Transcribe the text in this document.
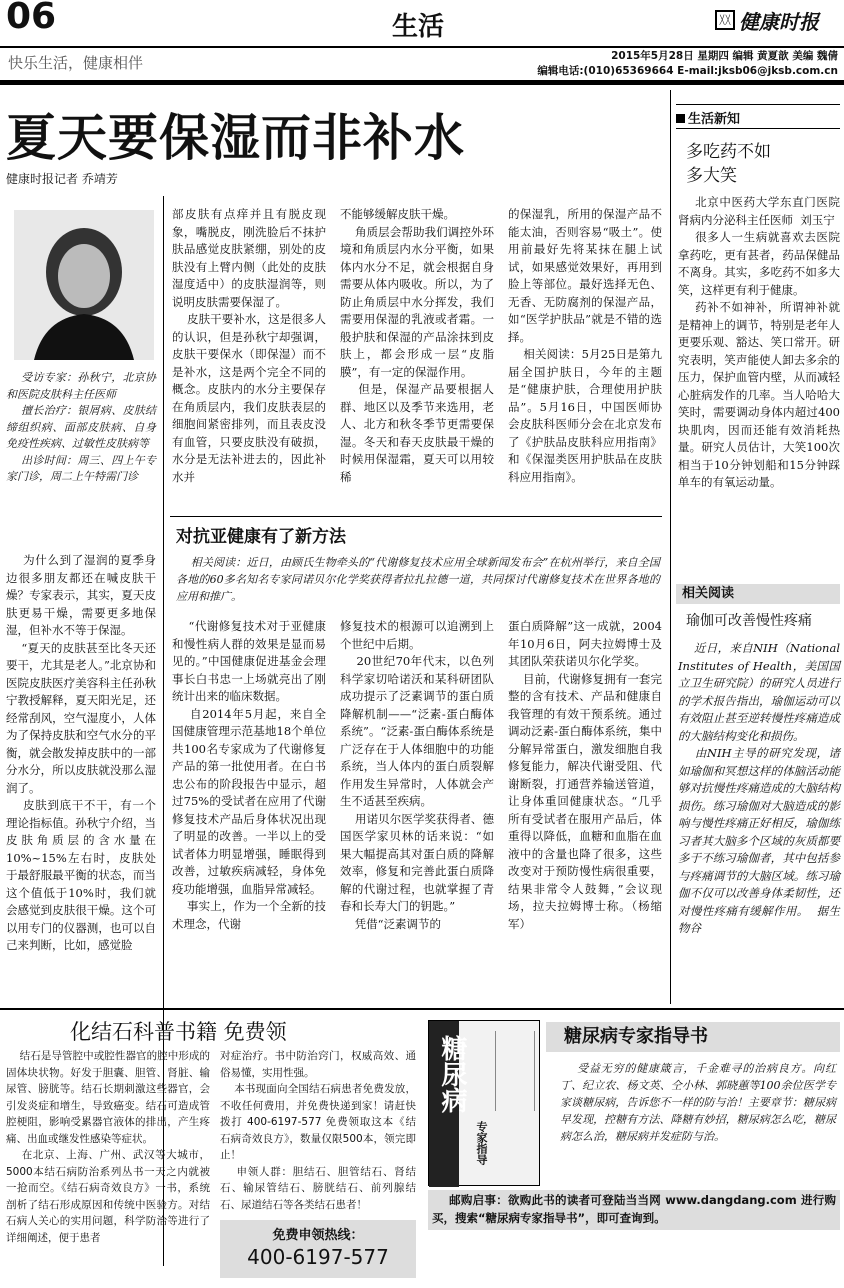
06	生活	〷 健康时报
快乐生活，健康相伴	2015年5月28日 星期四 编辑 黄夏歆 美编 魏倩
编辑电话:(010)65369664 E-mail:jksb06@jksb.com.cn
夏天要保湿而非补水
健康时报记者 乔靖芳
受访专家：孙秋宁，北京协和医院皮肤科主任医师
擅长治疗：银屑病、皮肤结缔组织病、面部皮肤病、自身免疫性疾病、过敏性皮肤病等
出诊时间：周三、四上午专家门诊，周二上午特需门诊
为什么到了湿润的夏季身边很多朋友都还在喊皮肤干燥？专家表示，其实，夏天皮肤更易干燥，需要更多地保湿，但补水不等于保湿。
“夏天的皮肤甚至比冬天还要干，尤其是老人。”北京协和医院皮肤医疗美容科主任孙秋宁教授解释，夏天阳光足，还经常刮风，空气湿度小，人体为了保持皮肤和空气水分的平衡，就会散发掉皮肤中的一部分水分，所以皮肤就没那么湿润了。
皮肤到底干不干，有一个理论指标值。孙秋宁介绍，当皮肤角质层的含水量在10%~15%左右时，皮肤处于最舒服最平衡的状态，而当这个值低于10%时，我们就会感觉到皮肤很干燥。这个可以用专门的仪器测，也可以自己来判断，比如，感觉脸
部皮肤有点痒并且有脱皮现象，嘴脱皮，刚洗脸后不抹护肤品感觉皮肤紧绷，别处的皮肤没有上臂内侧（此处的皮肤湿度适中）的皮肤湿润等，则说明皮肤需要保湿了。
皮肤干要补水，这是很多人的认识，但是孙秋宁却强调，皮肤干要保水（即保湿）而不是补水，这是两个完全不同的概念。皮肤内的水分主要保存在角质层内，我们皮肤表层的细胞间紧密排列，而且表皮没有血管，只要皮肤没有破损，水分是无法补进去的，因此补水并
不能够缓解皮肤干燥。
角质层会帮助我们调控外环境和角质层内水分平衡，如果体内水分不足，就会根据自身需要从体内吸收。所以，为了防止角质层中水分挥发，我们需要用保湿的乳液或者霜。一般护肤和保湿的产品涂抹到皮肤上，都会形成一层“皮脂膜”，有一定的保湿作用。
但是，保湿产品要根据人群、地区以及季节来选用，老人、北方和秋冬季节更需要保湿。冬天和春天皮肤最干燥的时候用保湿霜，夏天可以用较稀
的保湿乳，所用的保湿产品不能太油，否则容易“吸土”。使用前最好先将某抹在腿上试试，如果感觉效果好，再用到脸上等部位。最好选择无色、无香、无防腐剂的保湿产品，如“医学护肤品”就是不错的选择。
相关阅读：5月25日是第九届全国护肤日，今年的主题是“健康护肤，合理使用护肤品”。5月16日，中国医师协会皮肤科医师分会在北京发布了《护肤品皮肤科应用指南》和《保湿类医用护肤品在皮肤科应用指南》。
对抗亚健康有了新方法
相关阅读：近日，由顾氏生物牵头的“代谢修复技术应用全球新闻发布会”在杭州举行，来自全国各地的60多名知名专家同诺贝尔化学奖获得者拉扎拉德一道，共同探讨代谢修复技术在世界各地的应用和推广。
“代谢修复技术对于亚健康和慢性病人群的效果是显而易见的。”中国健康促进基金会理事长白书忠一上场就亮出了刚统计出来的临床数据。
自2014年5月起，来自全国健康管理示范基地18个单位共100名专家成为了代谢修复产品的第一批使用者。在白书忠公布的阶段报告中显示，超过75%的受试者在应用了代谢修复技术产品后身体状况出现了明显的改善。一半以上的受试者体力明显增强，睡眠得到改善，过敏疾病减轻，身体免疫功能增强，血脂异常减轻。
事实上，作为一个全新的技术理念，代谢
修复技术的根源可以追溯到上个世纪中后期。
20世纪70年代末，以色列科学家切哈诺沃和某科研团队成功提示了泛素调节的蛋白质降解机制——“泛素-蛋白酶体系统”。“泛素-蛋白酶体系统是广泛存在于人体细胞中的功能系统，当人体内的蛋白质裂解作用发生异常时，人体就会产生不适甚至疾病。
用诺贝尔医学奖获得者、德国医学家贝林的话来说：“如果大幅提高其对蛋白质的降解效率，修复和完善此蛋白质降解的代谢过程，也就掌握了青春和长寿大门的钥匙。”
凭借“泛素调节的
蛋白质降解”这一成就，2004年10月6日，阿夫拉姆博士及其团队荣获诺贝尔化学奖。
目前，代谢修复拥有一套完整的含有技术、产品和健康自我管理的有效干预系统。通过调动泛素-蛋白酶体系统，集中分解异常蛋白，激发细胞自我修复能力，解决代谢受阻、代谢断裂，打通营养输送管道，让身体重回健康状态。“几乎所有受试者在服用产品后，体重得以降低，血糖和血脂在血液中的含量也降了很多，这些改变对于预防慢性病很重要，结果非常令人鼓舞，”会议现场，拉夫拉姆博士称。（杨缩军）
生活新知
多吃药不如
多大笑
北京中医药大学东直门医院肾病内分泌科主任医师  刘玉宁
很多人一生病就喜欢去医院拿药吃，更有甚者，药品保健品不离身。其实，多吃药不如多大笑，这样更有利于健康。
药补不如神补，所谓神补就是精神上的调节，特别是老年人更要乐观、豁达、笑口常开。研究表明，笑声能使人卸去多余的压力，保护血管内壁，从而减轻心脏病发作的几率。当人哈哈大笑时，需要调动身体内超过400块肌肉，因而还能有效消耗热量。研究人员估计，大笑100次相当于10分钟划船和15分钟踩单车的有氧运动量。
相关阅读
瑜伽可改善慢性疼痛
近日，来自NIH（National Institutes of Health，美国国立卫生研究院）的研究人员进行的学术报告指出，瑜伽运动可以有效阻止甚至逆转慢性疼痛造成的大脑结构变化和损伤。
由NIH主导的研究发现，诸如瑜伽和冥想这样的体脑活动能够对抗慢性疼痛造成的大脑结构损伤。练习瑜伽对大脑造成的影响与慢性疼痛正好相反，瑜伽练习者其大脑多个区域的灰质都要多于不练习瑜伽者，其中包括参与疼痛调节的大脑区域。练习瑜伽不仅可以改善身体柔韧性，还对慢性疼痛有缓解作用。  据生物谷
化结石科普书籍 免费领
结石是导管腔中或腔性器官的腔中形成的固体块状物。好发于胆囊、胆管、肾脏、输尿管、膀胱等。结石长期刺激这些器官，会引发炎症和增生，导致癌变。结石可造成管腔梗阻，影响受累器官液体的排出，产生疼痛、出血或继发性感染等症状。
在北京、上海、广州、武汉等大城市，5000本结石病防治系列丛书一天之内就被一抢而空。《结石病奇效良方》一书，系统剖析了结石形成原因和传统中医验方。对结石病人关心的实用问题，科学防治等进行了详细阐述，便于患者
对症治疗。书中防治窍门，权威高效、通俗易懂，实用性强。
本书现面向全国结石病患者免费发放，不收任何费用，并免费快递到家！请赶快拨打 400-6197-577 免费领取这本《结石病奇效良方》，数量仅限500本，领完即止！
申领人群：胆结石、胆管结石、肾结石、输尿管结石、膀胱结石、前列腺结石、尿道结石等各类结石患者！
免费申领热线：
400-6197-577
糖尿病
专家指导
糖尿病专家指导书
受益无穷的健康箴言，千金难寻的治病良方。向红丁、纪立农、杨文英、仝小林、郭晓蕙等100余位医学专家谈糖尿病，告诉您不一样的防与治！主要章节：糖尿病早发现，控糖有方法、降糖有妙招，糖尿病怎么吃，糖尿病怎么治，糖尿病并发症防与治。
邮购启事：欲购此书的读者可登陆当当网 www.dangdang.com 进行购买，搜索“糖尿病专家指导书”，即可查询到。
